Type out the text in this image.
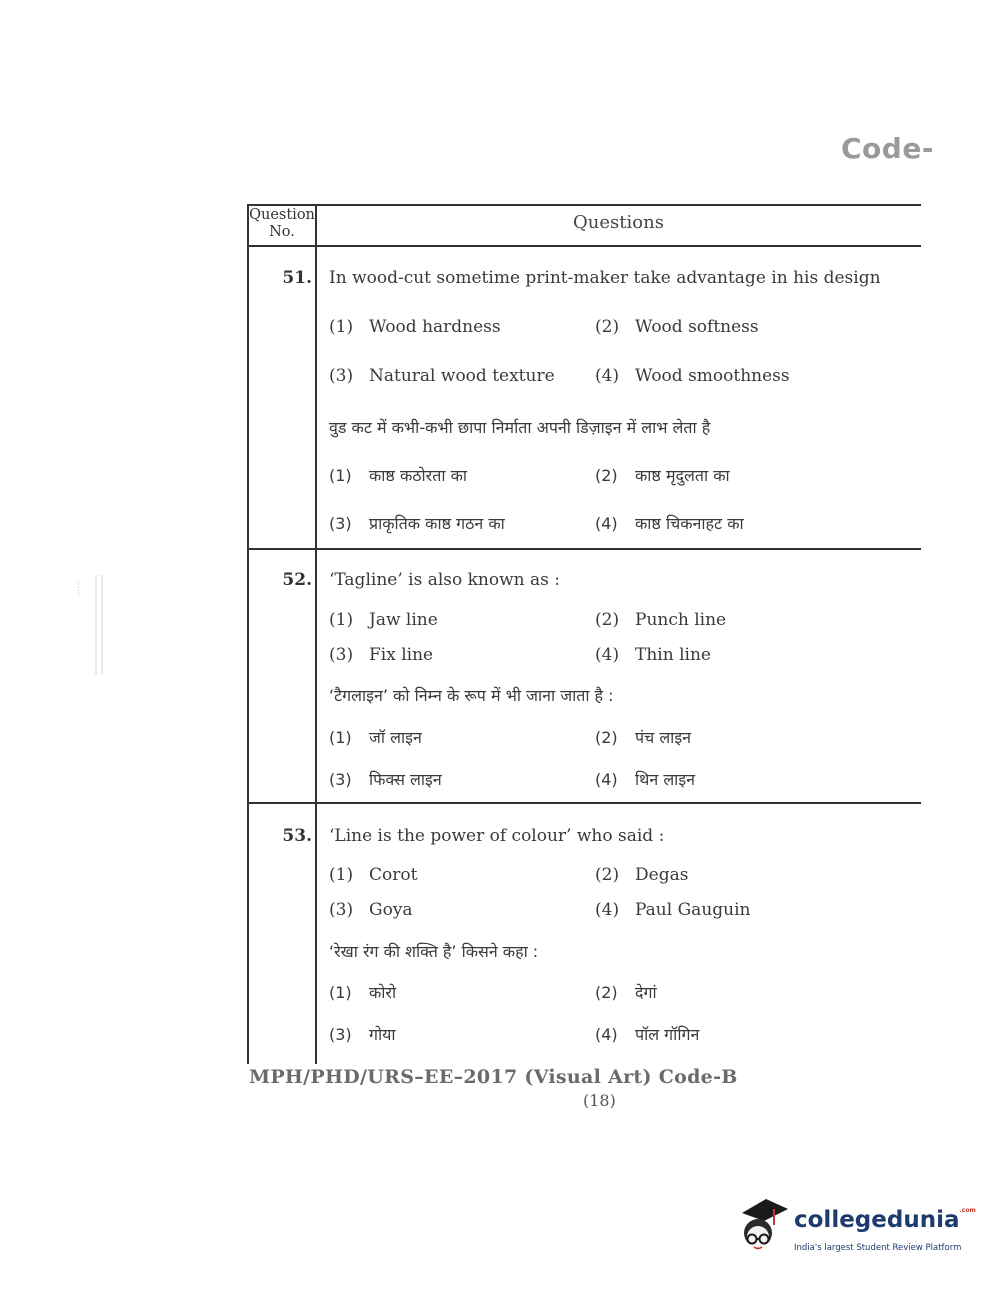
Code-
......
Question
No.	Questions
51. In wood-cut sometime print-maker take advantage in his design
(1) Wood hardness	(2) Wood softness
(3) Natural wood texture (4) Wood smoothness
वुड कट में कभी-कभी छापा निर्माता अपनी डिज़ाइन में लाभ लेता है
(1) काष्ठ कठोरता का	(2) काष्ठ मृदुलता का
(3) प्राकृतिक काष्ठ गठन का	(4) काष्ठ चिकनाहट का
52. ‘Tagline’ is also known as :
(1) Jaw line	(2) Punch line
(3) Fix line	(4) Thin line
‘टैगलाइन’ को निम्न के रूप में भी जाना जाता है :
(1) जॉ लाइन	(2) पंच लाइन
(3) फिक्स लाइन	(4) थिन लाइन
53. ‘Line is the power of colour’ who said :
(1) Corot	(2) Degas
(3) Goya	(4) Paul Gauguin
‘रेखा रंग की शक्ति है’ किसने कहा :
(1) कोरो	(2) देगां
(3) गोया	(4) पॉल गॉगिन
MPH/PHD/URS–EE–2017 (Visual Art) Code-B
(18)
collegedunia$^{.com}$
India's largest Student Review Platform
